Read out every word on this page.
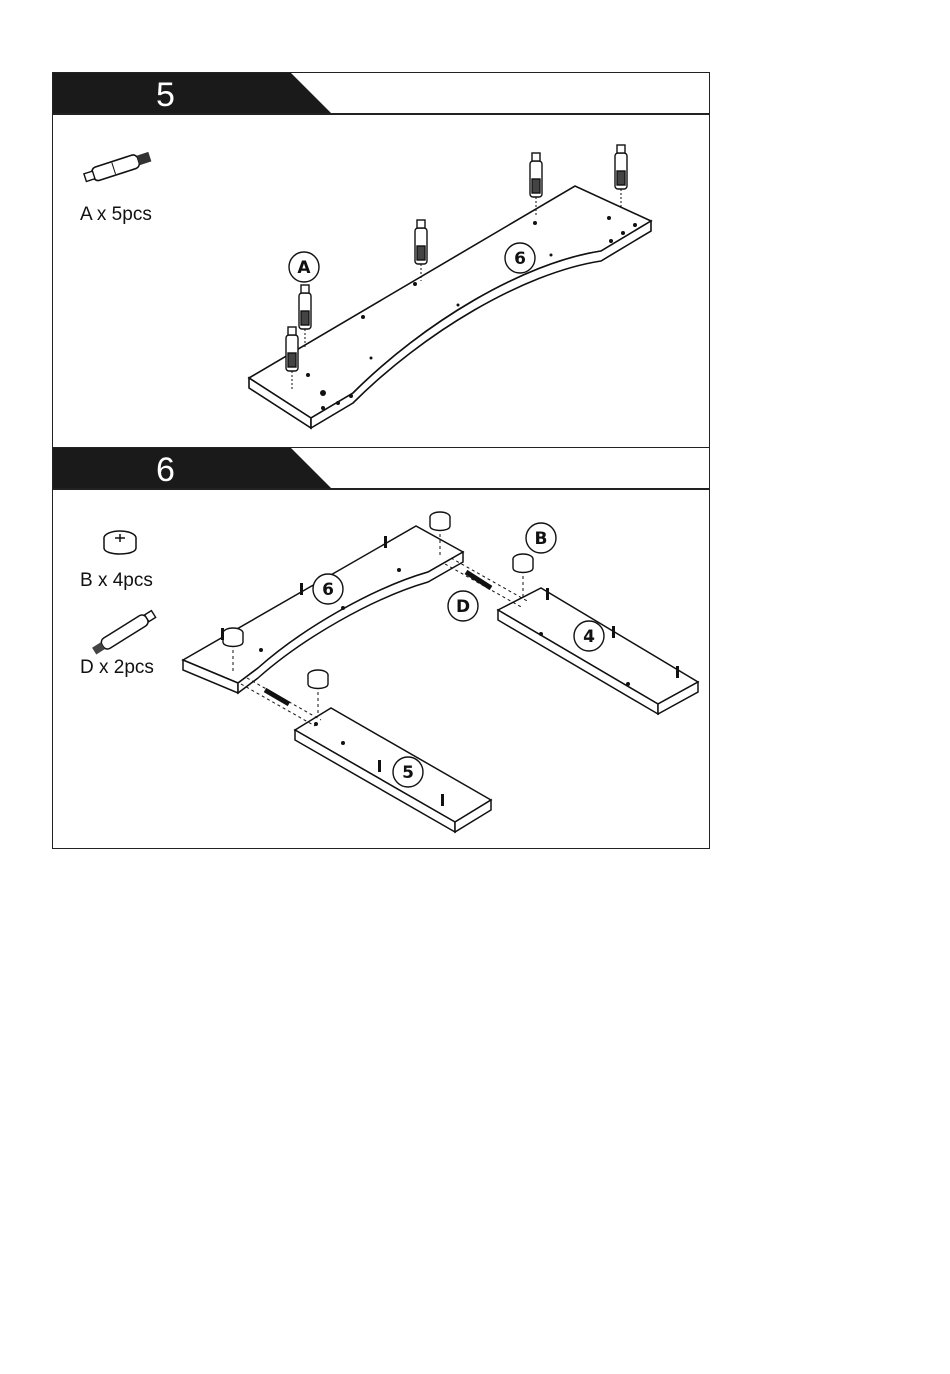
5
A	6
A x 5pcs
6
B
D
6
4
5
B x 4pcs
D x 2pcs
